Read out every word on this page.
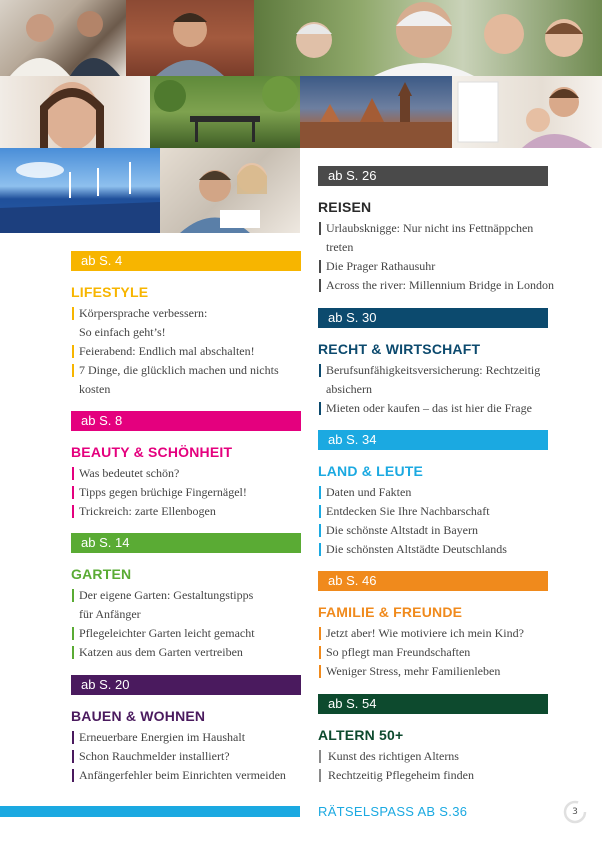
ab S. 4
LIFESTYLE
Körpersprache verbessern:
So einfach geht’s!
Feierabend: Endlich mal abschalten!
7 Dinge, die glücklich machen und nichts
kosten
ab S. 8
BEAUTY & SCHÖNHEIT
Was bedeutet schön?
Tipps gegen brüchige Fingernägel!
Trickreich: zarte Ellenbogen
ab S. 14
GARTEN
Der eigene Garten: Gestaltungstipps
für Anfänger
Pflegeleichter Garten leicht gemacht
Katzen aus dem Garten vertreiben
ab S. 20
BAUEN & WOHNEN
Erneuerbare Energien im Haushalt
Schon Rauchmelder installiert?
Anfängerfehler beim Einrichten vermeiden
ab S. 26
REISEN
Urlaubsknigge: Nur nicht ins Fettnäppchen
treten
Die Prager Rathausuhr
Across the river: Millennium Bridge in London
ab S. 30
RECHT & WIRTSCHAFT
Berufsunfähigkeitsversicherung: Rechtzeitig
absichern
Mieten oder kaufen – das ist hier die Frage
ab S. 34
LAND & LEUTE
Daten und Fakten
Entdecken Sie Ihre Nachbarschaft
Die schönste Altstadt in Bayern
Die schönsten Altstädte Deutschlands
ab S. 46
FAMILIE & FREUNDE
Jetzt aber! Wie motiviere ich mein Kind?
So pflegt man Freundschaften
Weniger Stress, mehr Familienleben
ab S. 54
ALTERN 50+
Kunst des richtigen Alterns
Rechtzeitig Pflegeheim finden
RÄTSELSPASS AB S.36	3
